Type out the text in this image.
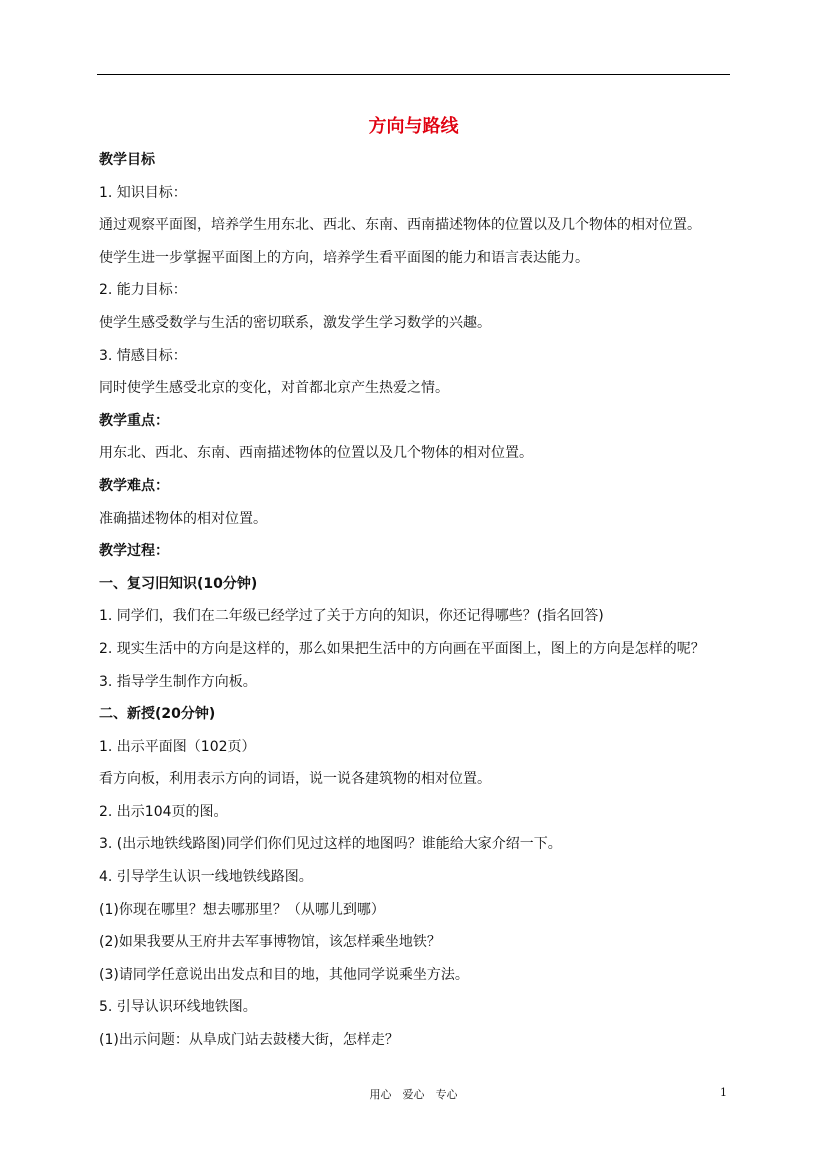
方向与路线
教学目标
1. 知识目标：
通过观察平面图，培养学生用东北、西北、东南、西南描述物体的位置以及几个物体的相对位置。
使学生进一步掌握平面图上的方向，培养学生看平面图的能力和语言表达能力。
2. 能力目标：
使学生感受数学与生活的密切联系，激发学生学习数学的兴趣。
3. 情感目标：
同时使学生感受北京的变化，对首都北京产生热爱之情。
教学重点：
用东北、西北、东南、西南描述物体的位置以及几个物体的相对位置。
教学难点：
准确描述物体的相对位置。
教学过程：
一、复习旧知识(10分钟)
1. 同学们，我们在二年级已经学过了关于方向的知识，你还记得哪些？(指名回答)
2. 现实生活中的方向是这样的，那么如果把生活中的方向画在平面图上，图上的方向是怎样的呢？
3. 指导学生制作方向板。
二、新授(20分钟)
1. 出示平面图（102页）
看方向板，利用表示方向的词语，说一说各建筑物的相对位置。
2. 出示104页的图。
3. (出示地铁线路图)同学们你们见过这样的地图吗？谁能给大家介绍一下。
4. 引导学生认识一线地铁线路图。
(1)你现在哪里？想去哪那里？（从哪儿到哪）
(2)如果我要从王府井去军事博物馆，该怎样乘坐地铁？
(3)请同学任意说出出发点和目的地，其他同学说乘坐方法。
5. 引导认识环线地铁图。
(1)出示问题：从阜成门站去鼓楼大街，怎样走？
用心　爱心　专心	1
